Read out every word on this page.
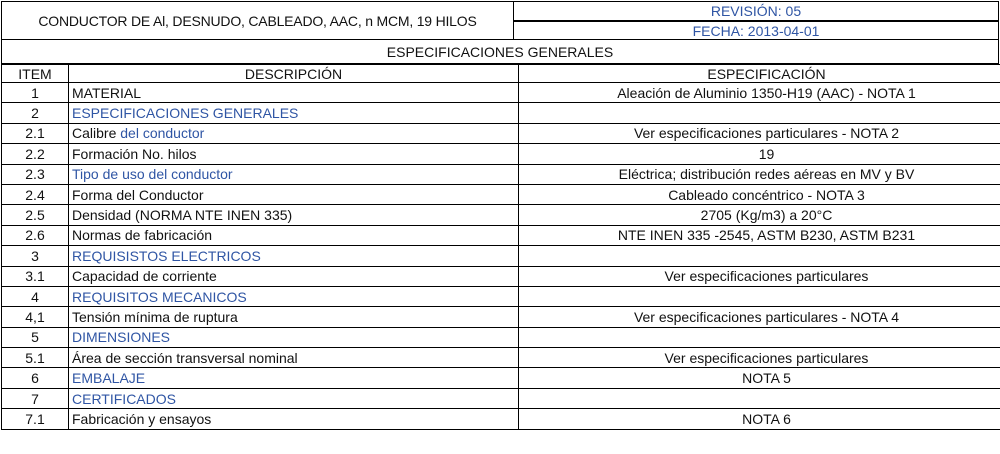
CONDUCTOR DE Al, DESNUDO, CABLEADO, AAC, n MCM, 19 HILOS
REVISIÓN: 05
FECHA: 2013-04-01
ESPECIFICACIONES GENERALES
ITEM	DESCRIPCIÓN	ESPECIFICACIÓN
1	MATERIAL	Aleación de Aluminio 1350-H19 (AAC) - NOTA 1
2	ESPECIFICACIONES GENERALES	
2.1	Calibre del conductor	Ver especificaciones particulares - NOTA 2
2.2	Formación No. hilos	19
2.3	Tipo de uso del conductor	Eléctrica; distribución redes aéreas en MV y BV
2.4	Forma del Conductor	Cableado concéntrico - NOTA 3
2.5	Densidad (NORMA NTE INEN 335)	2705 (Kg/m3) a 20°C
2.6	Normas de fabricación	NTE INEN 335 -2545, ASTM B230, ASTM B231
3	REQUISISTOS ELECTRICOS	
3.1	Capacidad de corriente	Ver especificaciones particulares
4	REQUISITOS MECANICOS	
4,1	Tensión mínima de ruptura	Ver especificaciones particulares - NOTA 4
5	DIMENSIONES	
5.1	Área de sección transversal nominal	Ver especificaciones particulares
6	EMBALAJE	NOTA 5
7	CERTIFICADOS	
7.1	Fabricación y ensayos	NOTA 6
